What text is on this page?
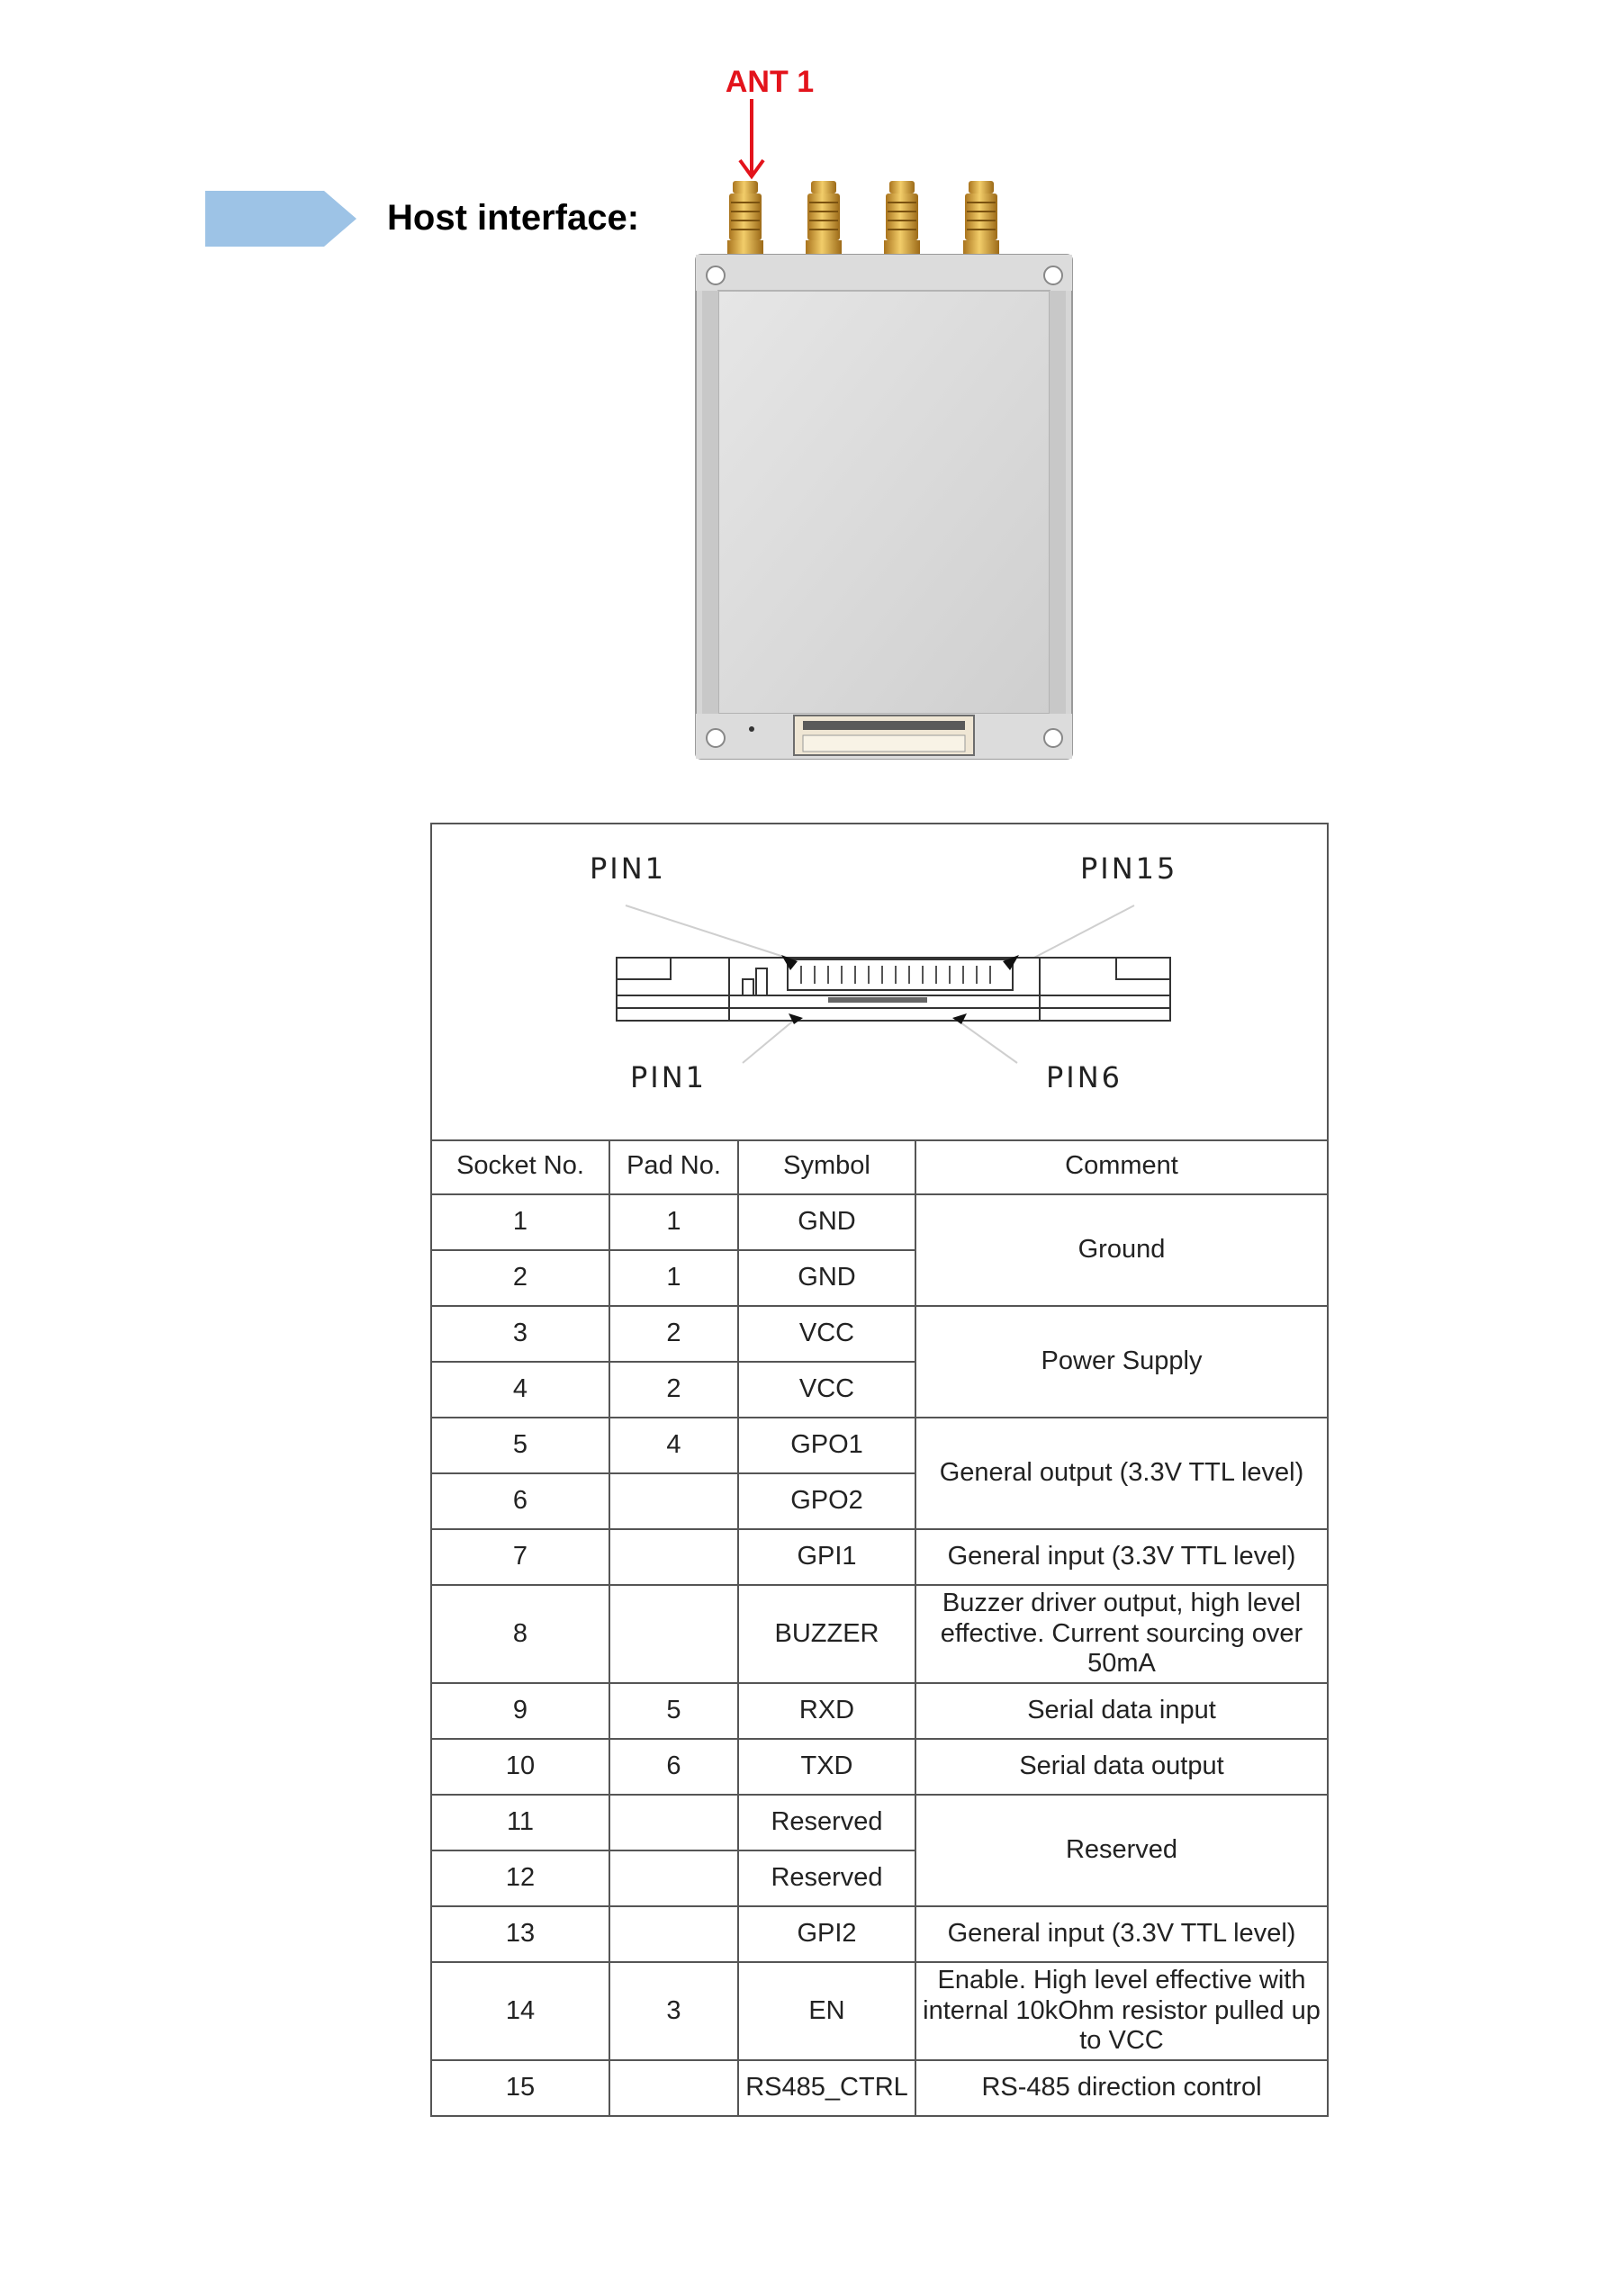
ANT 1
Host interface:
PIN1	PIN15
PIN1	PIN6
Socket No.	Pad No.	Symbol	Comment
1	1	GND	Ground
2	1	GND	
3	2	VCC	Power Supply
4	2	VCC	
5	4	GPO1	General output (3.3V TTL level)
6		GPO2	
7		GPI1	General input (3.3V TTL level)
8		BUZZER	Buzzer driver output, high level effective. Current sourcing over 50mA
9	5	RXD	Serial data input
10	6	TXD	Serial data output
11		Reserved	Reserved
12		Reserved	
13		GPI2	General input (3.3V TTL level)
14	3	EN	Enable. High level effective with internal 10kOhm resistor pulled up to VCC
15		RS485_CTRL	RS-485 direction control
